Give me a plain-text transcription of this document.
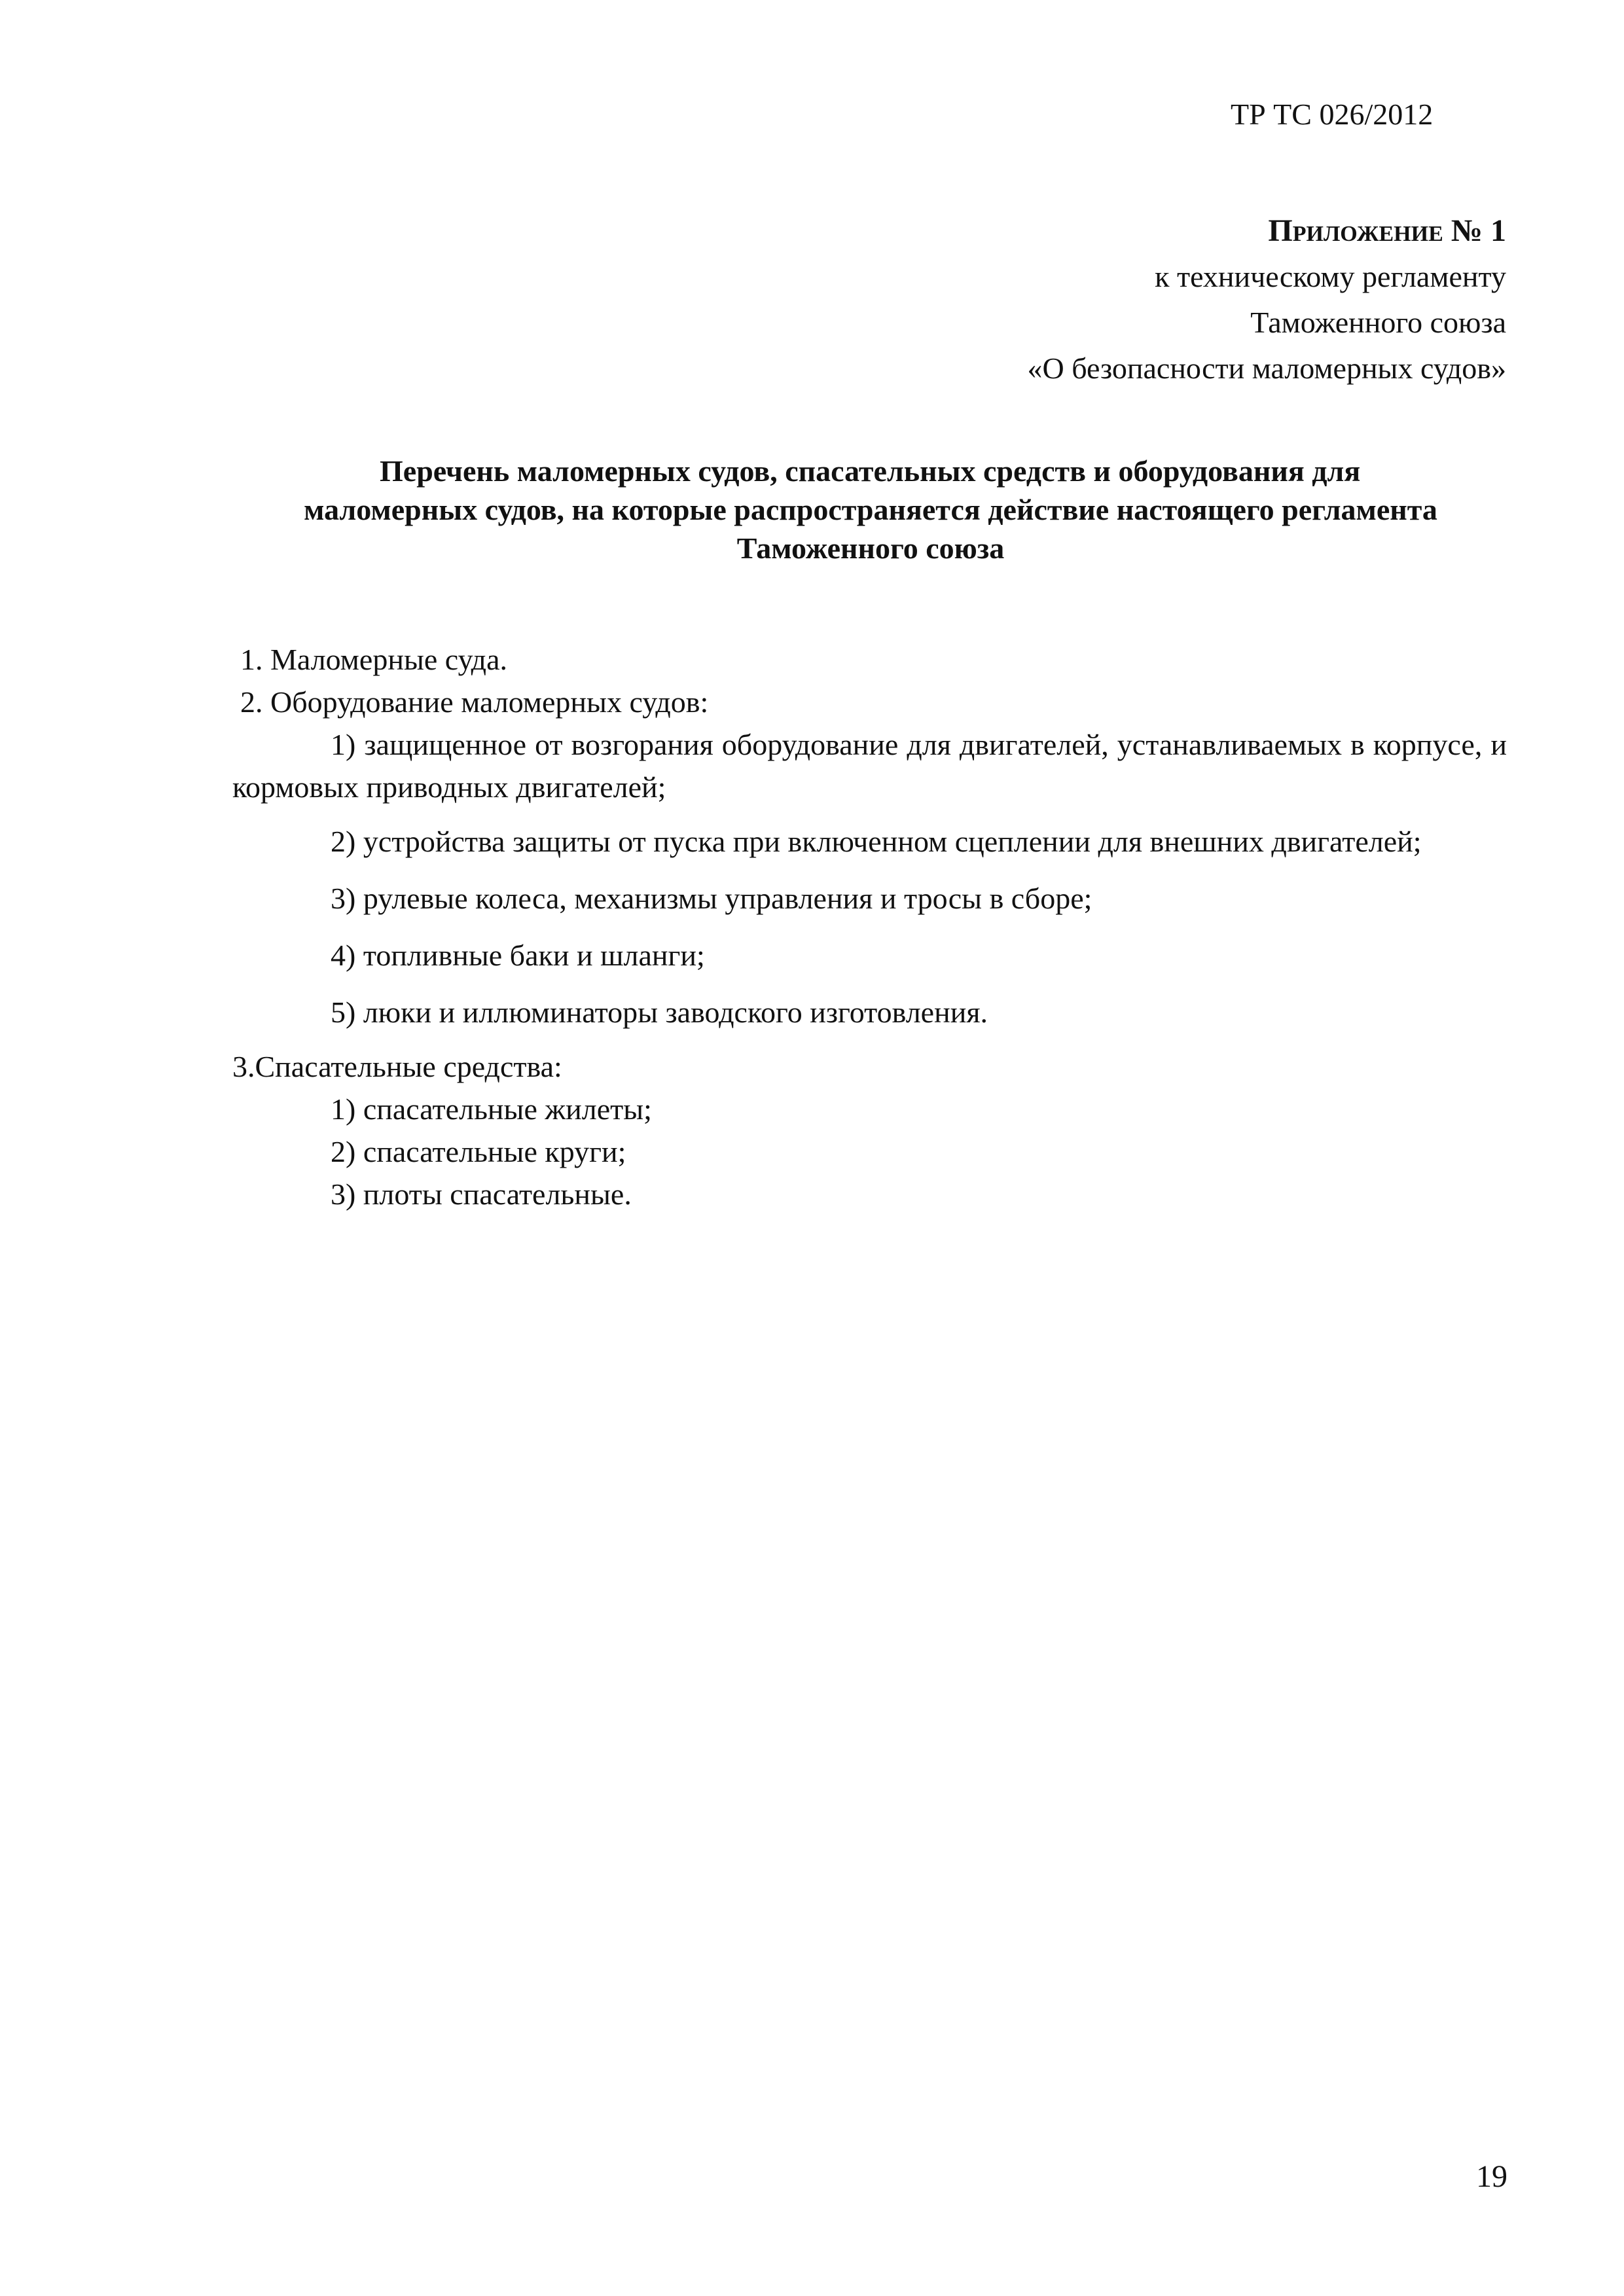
ТР ТС 026/2012
Приложение № 1
к техническому регламенту
Таможенного союза
«О безопасности маломерных судов»
Перечень маломерных судов, спасательных средств и оборудования для
маломерных судов, на которые распространяется действие настоящего регламента
Таможенного союза

1. Маломерные суда.

2. Оборудование маломерных судов:

1) защищенное от возгорания оборудование для двигателей, устанавливаемых в корпусе, и кормовых приводных двигателей;

2) устройства защиты от пуска при включенном сцеплении для внешних двигателей;

3) рулевые колеса, механизмы управления и тросы в сборе;

4) топливные баки и шланги;

5) люки и иллюминаторы заводского изготовления.

3.Спасательные средства:

1) спасательные жилеты;

2) спасательные круги;

3) плоты спасательные.

19
